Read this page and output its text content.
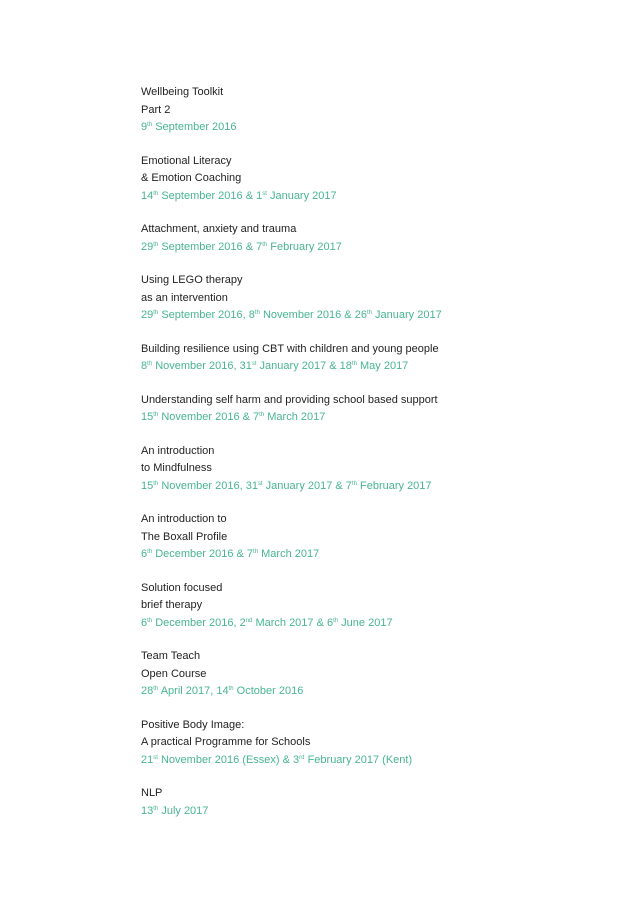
Wellbeing Toolkit
Part 2
9th September 2016
Emotional Literacy
& Emotion Coaching
14th September 2016 & 1st January 2017
Attachment, anxiety and trauma
29th September 2016 & 7th February 2017
Using LEGO therapy
as an intervention
29th September 2016, 8th November 2016 & 26th January 2017
Building resilience using CBT with children and young people
8th November 2016, 31st January 2017 & 18th May 2017
Understanding self harm and providing school based support
15th November 2016 & 7th March 2017
An introduction
to Mindfulness
15th November 2016, 31st January 2017 & 7th February 2017
An introduction to
The Boxall Profile
6th December 2016 & 7th March 2017
Solution focused
brief therapy
6th December 2016, 2nd March 2017 & 6th June 2017
Team Teach
Open Course
28th April 2017, 14th October 2016
Positive Body Image:
A practical Programme for Schools
21st November 2016 (Essex) & 3rd February 2017 (Kent)
NLP
13th July 2017
